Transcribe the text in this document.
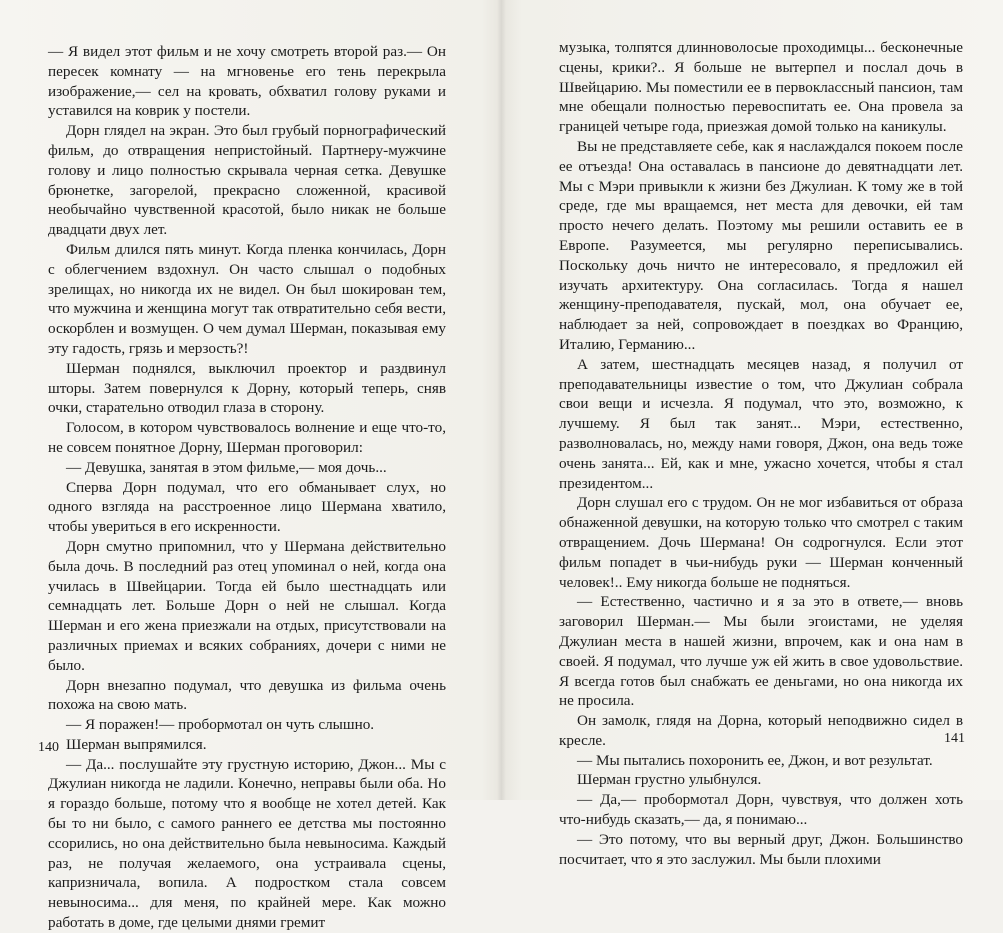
— Я видел этот фильм и не хочу смотреть второй раз.— Он пересек комнату — на мгновенье его тень перекрыла изображение,— сел на кровать, обхватил голову руками и уставился на коврик у постели.

Дорн глядел на экран. Это был грубый порнографический фильм, до отвращения непристойный. Партнеру-мужчине голову и лицо полностью скрывала черная сетка. Девушке брюнетке, загорелой, прекрасно сложенной, красивой необычайно чувственной красотой, было никак не больше двадцати двух лет.

Фильм длился пять минут. Когда пленка кончилась, Дорн с облегчением вздохнул. Он часто слышал о подобных зрелищах, но никогда их не видел. Он был шокирован тем, что мужчина и женщина могут так отвратительно себя вести, оскорблен и возмущен. О чем думал Шерман, показывая ему эту гадость, грязь и мерзость?!

Шерман поднялся, выключил проектор и раздвинул шторы. Затем повернулся к Дорну, который теперь, сняв очки, старательно отводил глаза в сторону.

Голосом, в котором чувствовалось волнение и еще что-то, не совсем понятное Дорну, Шерман проговорил:

— Девушка, занятая в этом фильме,— моя дочь...

Сперва Дорн подумал, что его обманывает слух, но одного взгляда на расстроенное лицо Шермана хватило, чтобы увериться в его искренности.

Дорн смутно припомнил, что у Шермана действительно была дочь. В последний раз отец упоминал о ней, когда она училась в Швейцарии. Тогда ей было шестнадцать или семнадцать лет. Больше Дорн о ней не слышал. Когда Шерман и его жена приезжали на отдых, присутствовали на различных приемах и всяких собраниях, дочери с ними не было.

Дорн внезапно подумал, что девушка из фильма очень похожа на свою мать.

— Я поражен!— пробормотал он чуть слышно.

Шерман выпрямился.

— Да... послушайте эту грустную историю, Джон... Мы с Джулиан никогда не ладили. Конечно, неправы были оба. Но я гораздо больше, потому что я вообще не хотел детей. Как бы то ни было, с самого раннего ее детства мы постоянно ссорились, но она действительно была невыносима. Каждый раз, не получая желаемого, она устраивала сцены, капризничала, вопила. А подростком стала совсем невыносима... для меня, по крайней мере. Как можно работать в доме, где целыми днями гремит

140

музыка, толпятся длинноволосые проходимцы... бесконечные сцены, крики?.. Я больше не вытерпел и послал дочь в Швейцарию. Мы поместили ее в первоклассный пансион, там мне обещали полностью перевоспитать ее. Она провела за границей четыре года, приезжая домой только на каникулы.

Вы не представляете себе, как я наслаждался покоем после ее отъезда! Она оставалась в пансионе до девятнадцати лет. Мы с Мэри привыкли к жизни без Джулиан. К тому же в той среде, где мы вращаемся, нет места для девочки, ей там просто нечего делать. Поэтому мы решили оставить ее в Европе. Разумеется, мы регулярно переписывались. Поскольку дочь ничто не интересовало, я предложил ей изучать архитектуру. Она согласилась. Тогда я нашел женщину-преподавателя, пускай, мол, она обучает ее, наблюдает за ней, сопровождает в поездках во Францию, Италию, Германию...

А затем, шестнадцать месяцев назад, я получил от преподавательницы известие о том, что Джулиан собрала свои вещи и исчезла. Я подумал, что это, возможно, к лучшему. Я был так занят... Мэри, естественно, разволновалась, но, между нами говоря, Джон, она ведь тоже очень занята... Ей, как и мне, ужасно хочется, чтобы я стал президентом...

Дорн слушал его с трудом. Он не мог избавиться от образа обнаженной девушки, на которую только что смотрел с таким отвращением. Дочь Шермана! Он содрогнулся. Если этот фильм попадет в чьи-нибудь руки — Шерман конченный человек!.. Ему никогда больше не подняться.

— Естественно, частично и я за это в ответе,— вновь заговорил Шерман.— Мы были эгоистами, не уделяя Джулиан места в нашей жизни, впрочем, как и она нам в своей. Я подумал, что лучше уж ей жить в свое удовольствие. Я всегда готов был снабжать ее деньгами, но она никогда их не просила.

Он замолк, глядя на Дорна, который неподвижно сидел в кресле.

— Мы пытались похоронить ее, Джон, и вот результат.

Шерман грустно улыбнулся.

— Да,— пробормотал Дорн, чувствуя, что должен хоть что-нибудь сказать,— да, я понимаю...

— Это потому, что вы верный друг, Джон. Большинство посчитает, что я это заслужил. Мы были плохими

141
